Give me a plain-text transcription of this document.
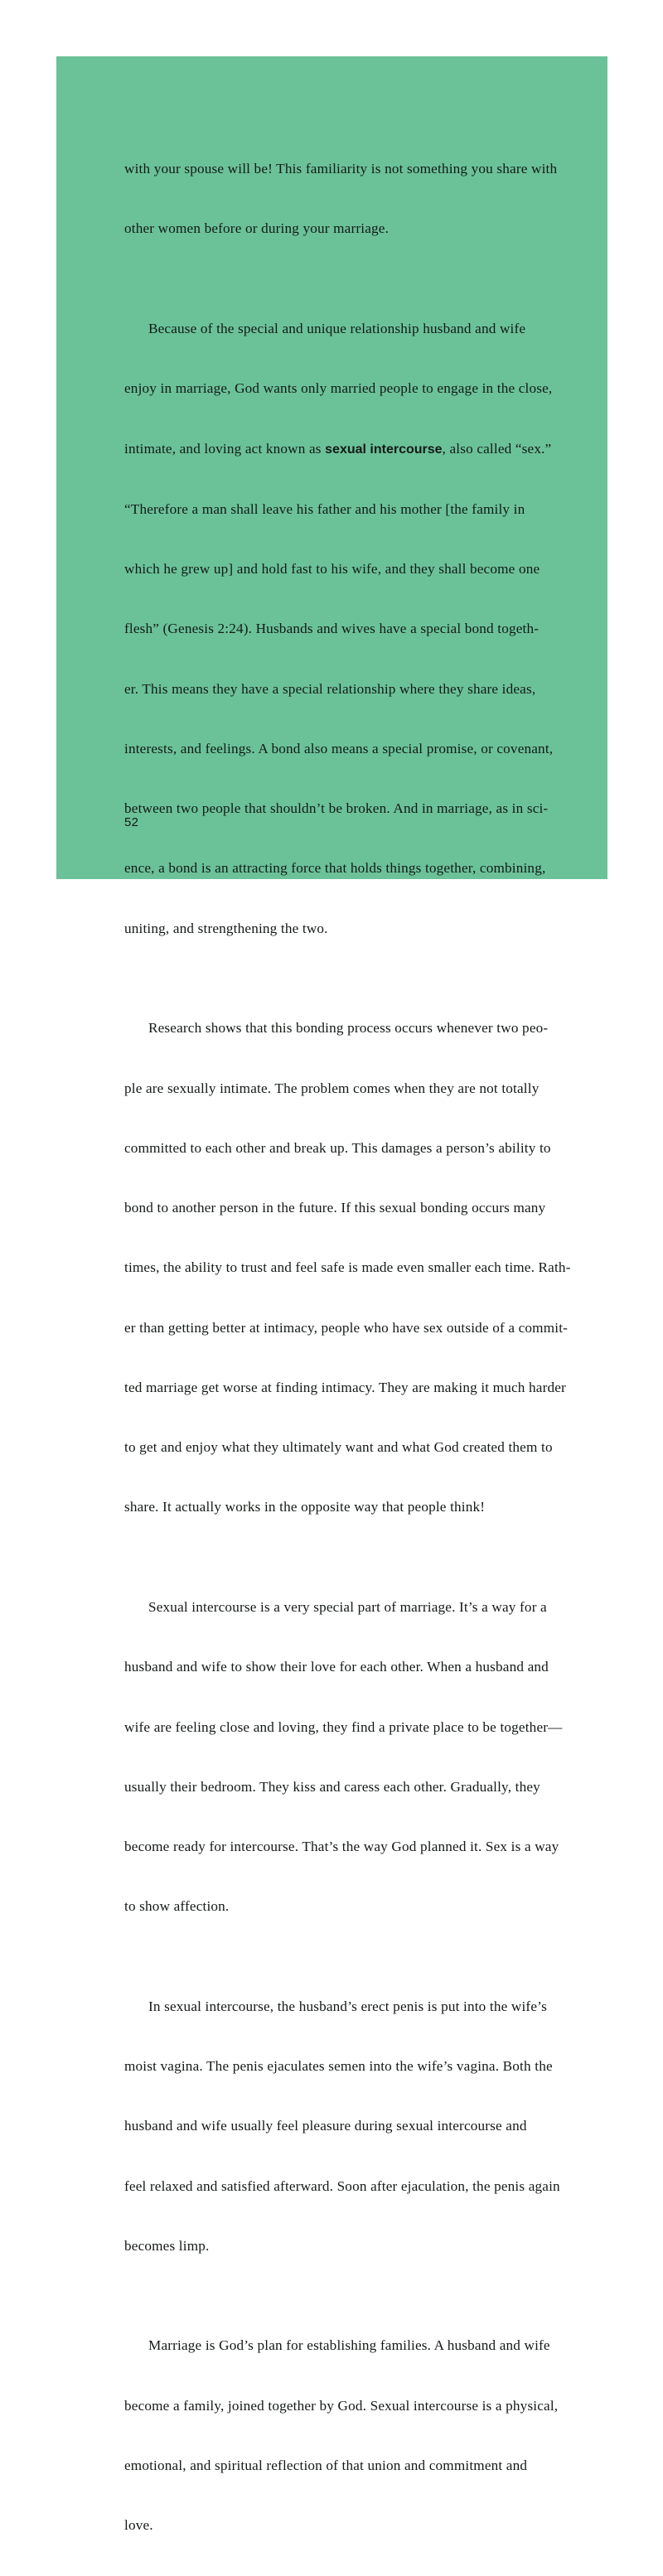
with your spouse will be! This familiarity is not something you share with

other women before or during your marriage.

Because of the special and unique relationship husband and wife

enjoy in marriage, God wants only married people to engage in the close,

intimate, and loving act known as sexual intercourse, also called “sex.”

“Therefore a man shall leave his father and his mother [the family in

which he grew up] and hold fast to his wife, and they shall become one

flesh” (Genesis 2:24). Husbands and wives have a special bond togeth-

er. This means they have a special relationship where they share ideas,

interests, and feelings. A bond also means a special promise, or covenant,

between two people that shouldn’t be broken. And in marriage, as in sci-

ence, a bond is an attracting force that holds things together, combining,

uniting, and strengthening the two.

Research shows that this bonding process occurs whenever two peo-

ple are sexually intimate. The problem comes when they are not totally

committed to each other and break up. This damages a person’s ability to

bond to another person in the future. If this sexual bonding occurs many

times, the ability to trust and feel safe is made even smaller each time. Rath-

er than getting better at intimacy, people who have sex outside of a commit-

ted marriage get worse at finding intimacy. They are making it much harder

to get and enjoy what they ultimately want and what God created them to

share. It actually works in the opposite way that people think!

Sexual intercourse is a very special part of marriage. It’s a way for a

husband and wife to show their love for each other. When a husband and

wife are feeling close and loving, they find a private place to be together—

usually their bedroom. They kiss and caress each other. Gradually, they

become ready for intercourse. That’s the way God planned it. Sex is a way

to show affection.

In sexual intercourse, the husband’s erect penis is put into the wife’s

moist vagina. The penis ejaculates semen into the wife’s vagina. Both the

husband and wife usually feel pleasure during sexual intercourse and

feel relaxed and satisfied afterward. Soon after ejaculation, the penis again

becomes limp.

Marriage is God’s plan for establishing families. A husband and wife

become a family, joined together by God. Sexual intercourse is a physical,

emotional, and spiritual reflection of that union and commitment and

love.

52
